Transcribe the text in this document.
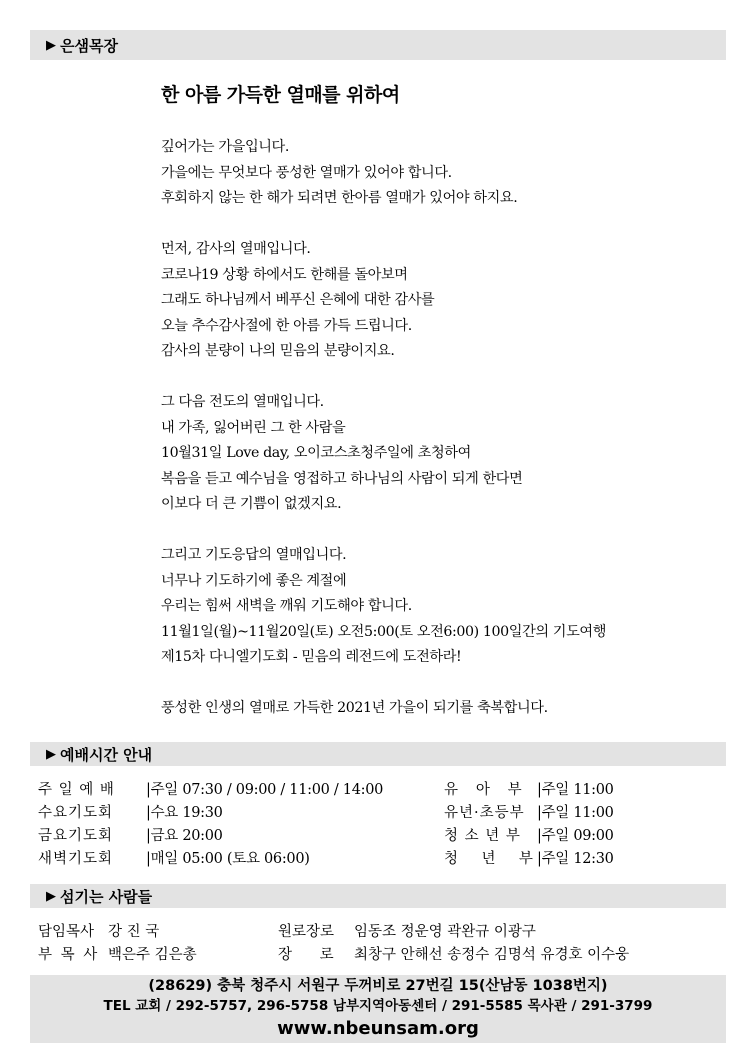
▶ 은샘목장
한 아름 가득한 열매를 위하여
깊어가는 가을입니다.
가을에는 무엇보다 풍성한 열매가 있어야 합니다.
후회하지 않는 한 해가 되려면 한아름 열매가 있어야 하지요.
먼저, 감사의 열매입니다.
코로나19 상황 하에서도 한해를 돌아보며
그래도 하나님께서 베푸신 은혜에 대한 감사를
오늘 추수감사절에 한 아름 가득 드립니다.
감사의 분량이 나의 믿음의 분량이지요.
그 다음 전도의 열매입니다.
내 가족, 잃어버린 그 한 사람을
10월31일 Love day, 오이코스초청주일에 초청하여
복음을 듣고 예수님을 영접하고 하나님의 사람이 되게 한다면
이보다 더 큰 기쁨이 없겠지요.
그리고 기도응답의 열매입니다.
너무나 기도하기에 좋은 계절에
우리는 힘써 새벽을 깨워 기도해야 합니다.
11월1일(월)~11월20일(토) 오전5:00(토 오전6:00) 100일간의 기도여행
제15차 다니엘기도회 - 믿음의 레전드에 도전하라!
풍성한 인생의 열매로 가득한 2021년 가을이 되기를 축복합니다.
▶ 예배시간 안내
주 일 예 배 |주일 07:30 / 09:00 / 11:00 / 14:00
수요기도회 |수요 19:30
금요기도회 |금요 20:00
새벽기도회 |매일 05:00 (토요 06:00)
유   아   부 |주일 11:00
유년·초등부 |주일 11:00
청 소 년 부 |주일 09:00
청    년    부 |주일 12:30
▶ 섬기는 사람들
담임목사 강 진 국
부 목 사 백은주 김은총
원로장로 임동조 정운영 곽완규 이광구
장      로 최창구 안해선 송정수 김명석 유경호 이수웅
(28629) 충북 청주시 서원구 두꺼비로 27번길 15(산남동 1038번지)
TEL 교회 / 292-5757, 296-5758 남부지역아동센터 / 291-5585 목사관 / 291-3799
www.nbeunsam.org
